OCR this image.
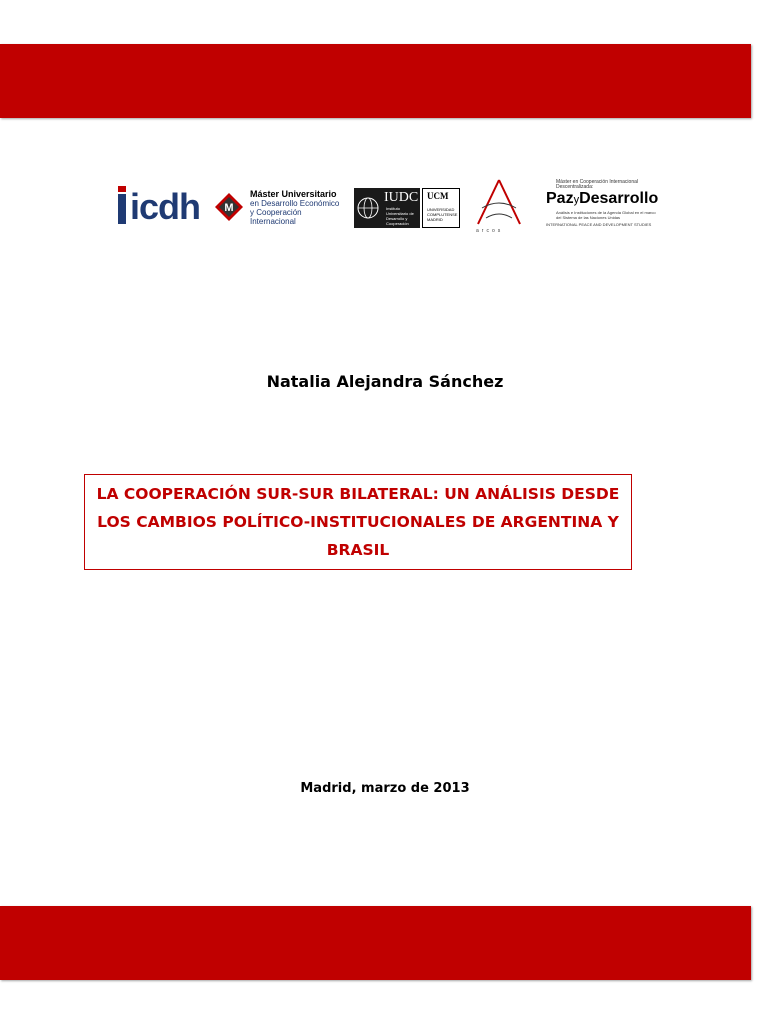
icdh M
Máster Universitario
en Desarrollo Económico
y Cooperación Internacional
IUDC
Instituto Universitario de Desarrollo y Cooperación
UCM
UNIVERSIDAD COMPLUTENSE MADRID
arcos
Máster en Cooperación Internacional Descentralizada:
PazyDesarrollo
Análisis e Instituciones de la Agenda Global en el marco del Sistema de las Naciones Unidas
INTERNATIONAL PEACE AND DEVELOPMENT STUDIES
Natalia Alejandra Sánchez
LA COOPERACIÓN SUR-SUR BILATERAL: UN ANÁLISIS DESDE LOS CAMBIOS POLÍTICO-INSTITUCIONALES DE ARGENTINA Y BRASIL
Madrid, marzo de 2013
